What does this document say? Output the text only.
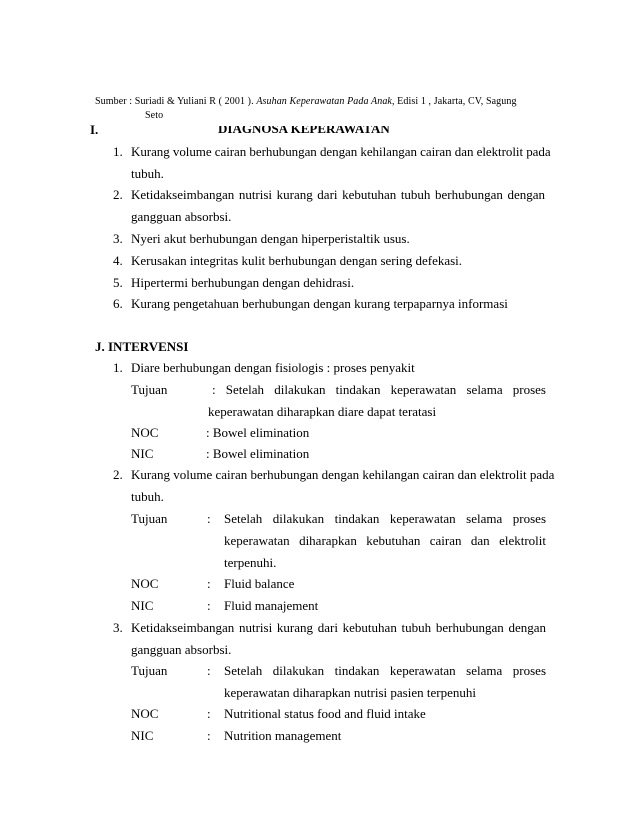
Sumber : Suriadi & Yuliani R ( 2001 ). Asuhan Keperawatan Pada Anak, Edisi 1 , Jakarta, CV, Sagung
Seto
I.	DIAGNOSA KEPERAWATAN
1. Kurang volume cairan berhubungan dengan kehilangan cairan dan elektrolit pada
tubuh.
2. Ketidakseimbangan nutrisi kurang dari kebutuhan tubuh berhubungan dengan
gangguan absorbsi.
3. Nyeri akut berhubungan dengan hiperperistaltik usus.
4. Kerusakan integritas kulit berhubungan dengan sering defekasi.
5. Hipertermi berhubungan dengan dehidrasi.
6. Kurang pengetahuan berhubungan dengan kurang terpaparnya informasi
J. INTERVENSI
1. Diare berhubungan dengan fisiologis : proses penyakit
Tujuan	: Setelah dilakukan tindakan keperawatan selama proses
keperawatan diharapkan diare dapat teratasi
NOC	: Bowel elimination
NIC	: Bowel elimination
2. Kurang volume cairan berhubungan dengan kehilangan cairan dan elektrolit pada
tubuh.
Tujuan	: Setelah dilakukan tindakan keperawatan selama proses
keperawatan diharapkan kebutuhan cairan dan elektrolit
terpenuhi.
NOC	: Fluid balance
NIC	: Fluid manajement
3. Ketidakseimbangan nutrisi kurang dari kebutuhan tubuh berhubungan dengan
gangguan absorbsi.
Tujuan	: Setelah dilakukan tindakan keperawatan selama proses
keperawatan diharapkan nutrisi pasien terpenuhi
NOC	: Nutritional status food and fluid intake
NIC	: Nutrition management
